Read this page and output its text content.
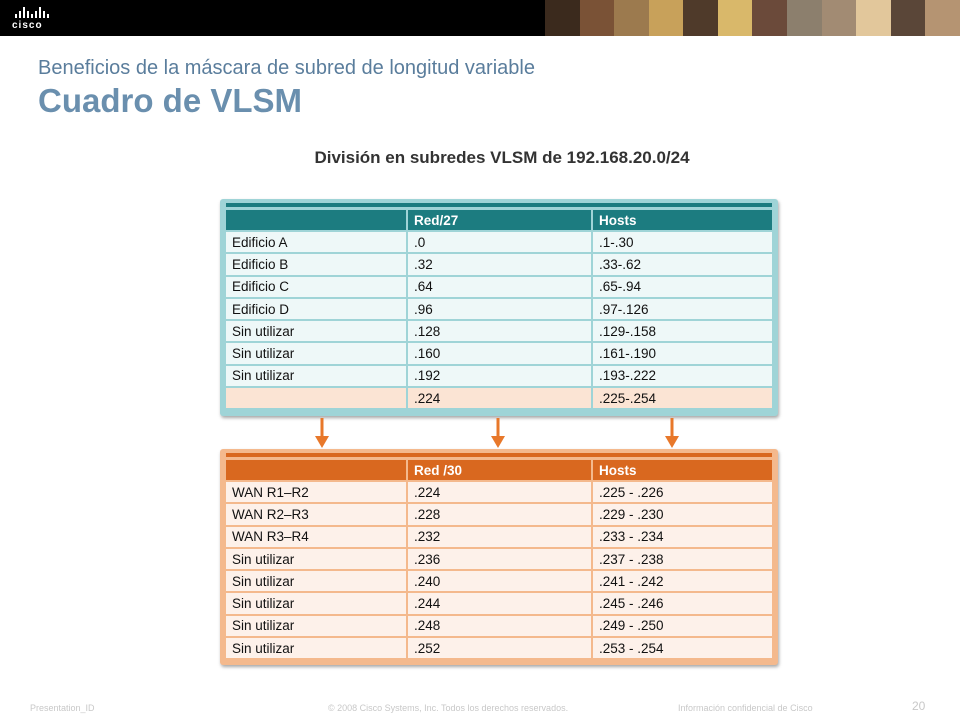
cisco
Beneficios de la máscara de subred de longitud variable
Cuadro de VLSM
División en subredes VLSM de 192.168.20.0/24
	Red/27	Hosts
Edificio A	.0	.1-.30
Edificio B	.32	.33-.62
Edificio C	.64	.65-.94
Edificio D	.96	.97-.126
Sin utilizar	.128	.129-.158
Sin utilizar	.160	.161-.190
Sin utilizar	.192	.193-.222
	.224	.225-.254
	Red /30	Hosts
WAN R1–R2	.224	.225 - .226
WAN R2–R3	.228	.229 - .230
WAN R3–R4	.232	.233 - .234
Sin utilizar	.236	.237 - .238
Sin utilizar	.240	.241 - .242
Sin utilizar	.244	.245 - .246
Sin utilizar	.248	.249 - .250
Sin utilizar	.252	.253 - .254
Presentation_ID	© 2008 Cisco Systems, Inc. Todos los derechos reservados.	Información confidencial de Cisco	20
